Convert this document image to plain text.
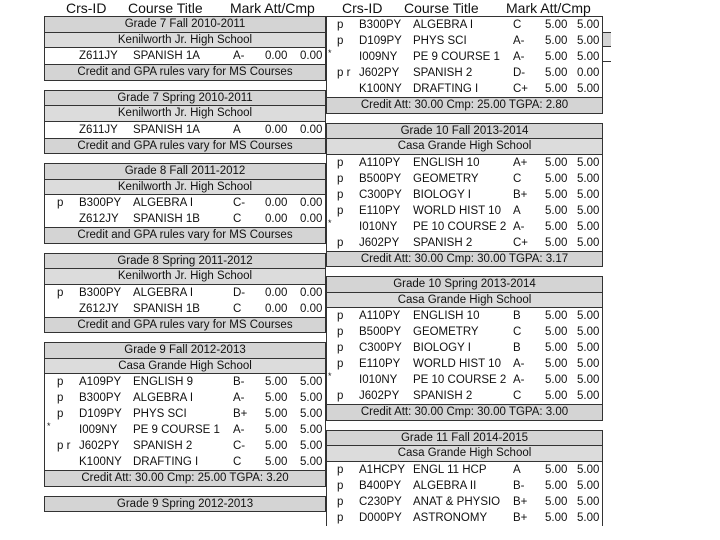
Crs-ID	Course Title	Mark Att/Cmp
Grade 7 Fall 2010-2011
Kenilworth Jr. High School
Z611JY SPANISH 1A	A- 0.00 0.00
Credit and GPA rules vary for MS Courses
Grade 7 Spring 2010-2011
Kenilworth Jr. High School
Z611JY SPANISH 1A	A 0.00 0.00
Credit and GPA rules vary for MS Courses
Grade 8 Fall 2011-2012
Kenilworth Jr. High School
p B300PY ALGEBRA I	C- 0.00 0.00
Z612JY SPANISH 1B	C 0.00 0.00
Credit and GPA rules vary for MS Courses
Grade 8 Spring 2011-2012
Kenilworth Jr. High School
p B300PY ALGEBRA I	D- 0.00 0.00
Z612JY SPANISH 1B	C 0.00 0.00
Credit and GPA rules vary for MS Courses
Grade 9 Fall 2012-2013
Casa Grande High School
p A109PY ENGLISH 9	B- 5.00 5.00
p B300PY ALGEBRA I	A- 5.00 5.00
p D109PY PHYS SCI	B+ 5.00 5.00
I009NY PE 9 COURSE 1 A- 5.00 5.00
*
p r J602PY SPANISH 2	C- 5.00 5.00
K100NY DRAFTING I	C 5.00 5.00
Credit Att: 30.00 Cmp: 25.00 TGPA: 3.20
Grade 9 Spring 2012-2013
Crs-ID	Course Title	Mark Att/Cmp
p B300PY ALGEBRA I	C 5.00 5.00
p D109PY PHYS SCI	A- 5.00 5.00
I009NY PE 9 COURSE 1 A- 5.00 5.00
*
p r J602PY SPANISH 2	D- 5.00 0.00
K100NY DRAFTING I	C+ 5.00 5.00
Credit Att: 30.00 Cmp: 25.00 TGPA: 2.80
Grade 10 Fall 2013-2014
Casa Grande High School
p A110PY ENGLISH 10	A+ 5.00 5.00
p B500PY GEOMETRY	C 5.00 5.00
p C300PY BIOLOGY I	B+ 5.00 5.00
p E110PY WORLD HIST 10 A 5.00 5.00
I010NY PE 10 COURSE 2 A- 5.00 5.00
*
p J602PY SPANISH 2	C+ 5.00 5.00
Credit Att: 30.00 Cmp: 30.00 TGPA: 3.17
Grade 10 Spring 2013-2014
Casa Grande High School
p A110PY ENGLISH 10	B 5.00 5.00
p B500PY GEOMETRY	C 5.00 5.00
p C300PY BIOLOGY I	B 5.00 5.00
p E110PY WORLD HIST 10 A- 5.00 5.00
I010NY PE 10 COURSE 2 A- 5.00 5.00
*
p J602PY SPANISH 2	C 5.00 5.00
Credit Att: 30.00 Cmp: 30.00 TGPA: 3.00
Grade 11 Fall 2014-2015
Casa Grande High School
p A1HCPY ENGL 11 HCP A 5.00 5.00
p B400PY ALGEBRA II	B- 5.00 5.00
p C230PY ANAT & PHYSIO B+ 5.00 5.00
p D000PY ASTRONOMY B+ 5.00 5.00
